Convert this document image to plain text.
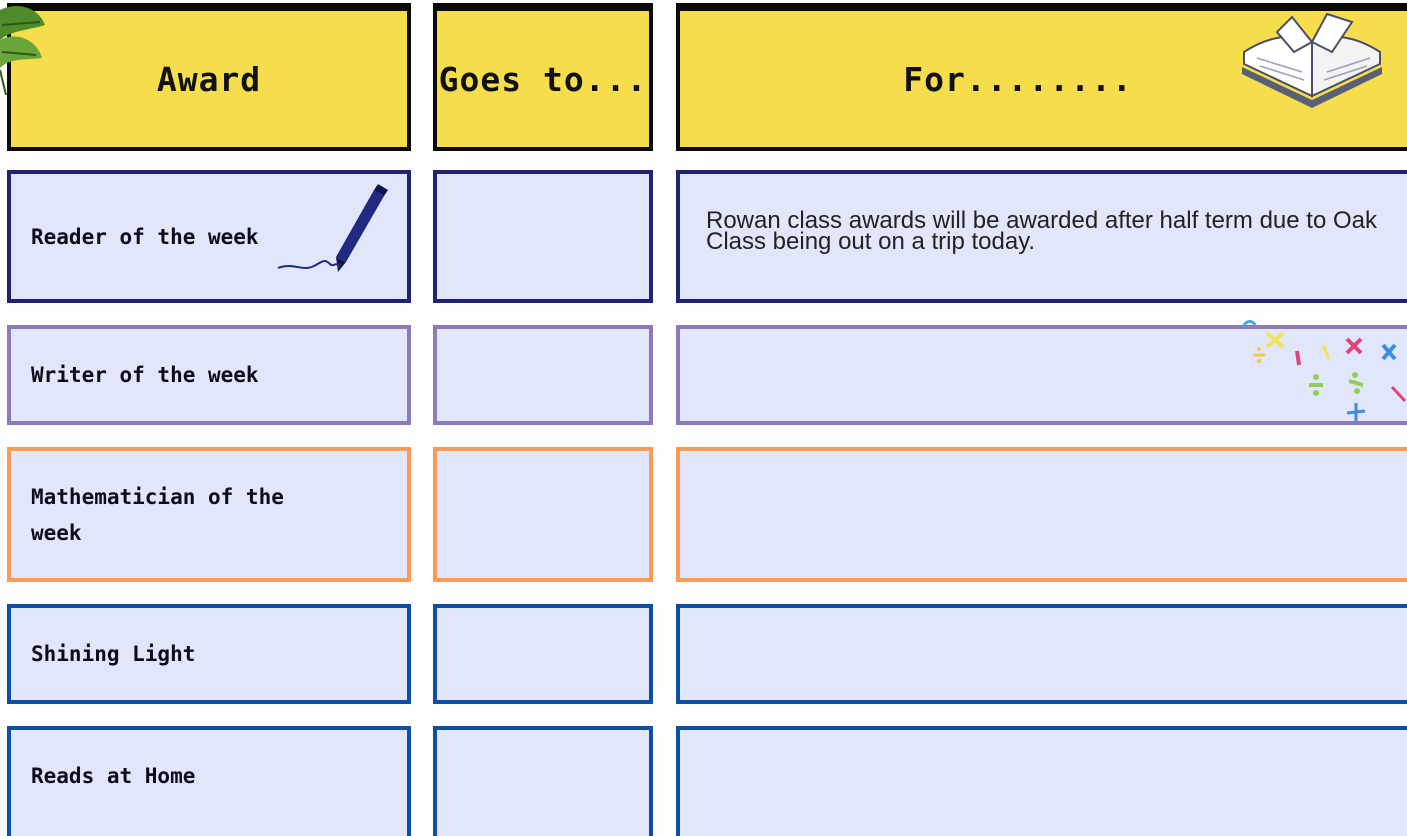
Award	Goes to...	For........
Reader of the week
Rowan class awards will be awarded after half term due to Oak Class being out on a trip today.
Writer of the week
Mathematician of the week
Shining Light
Reads at Home
